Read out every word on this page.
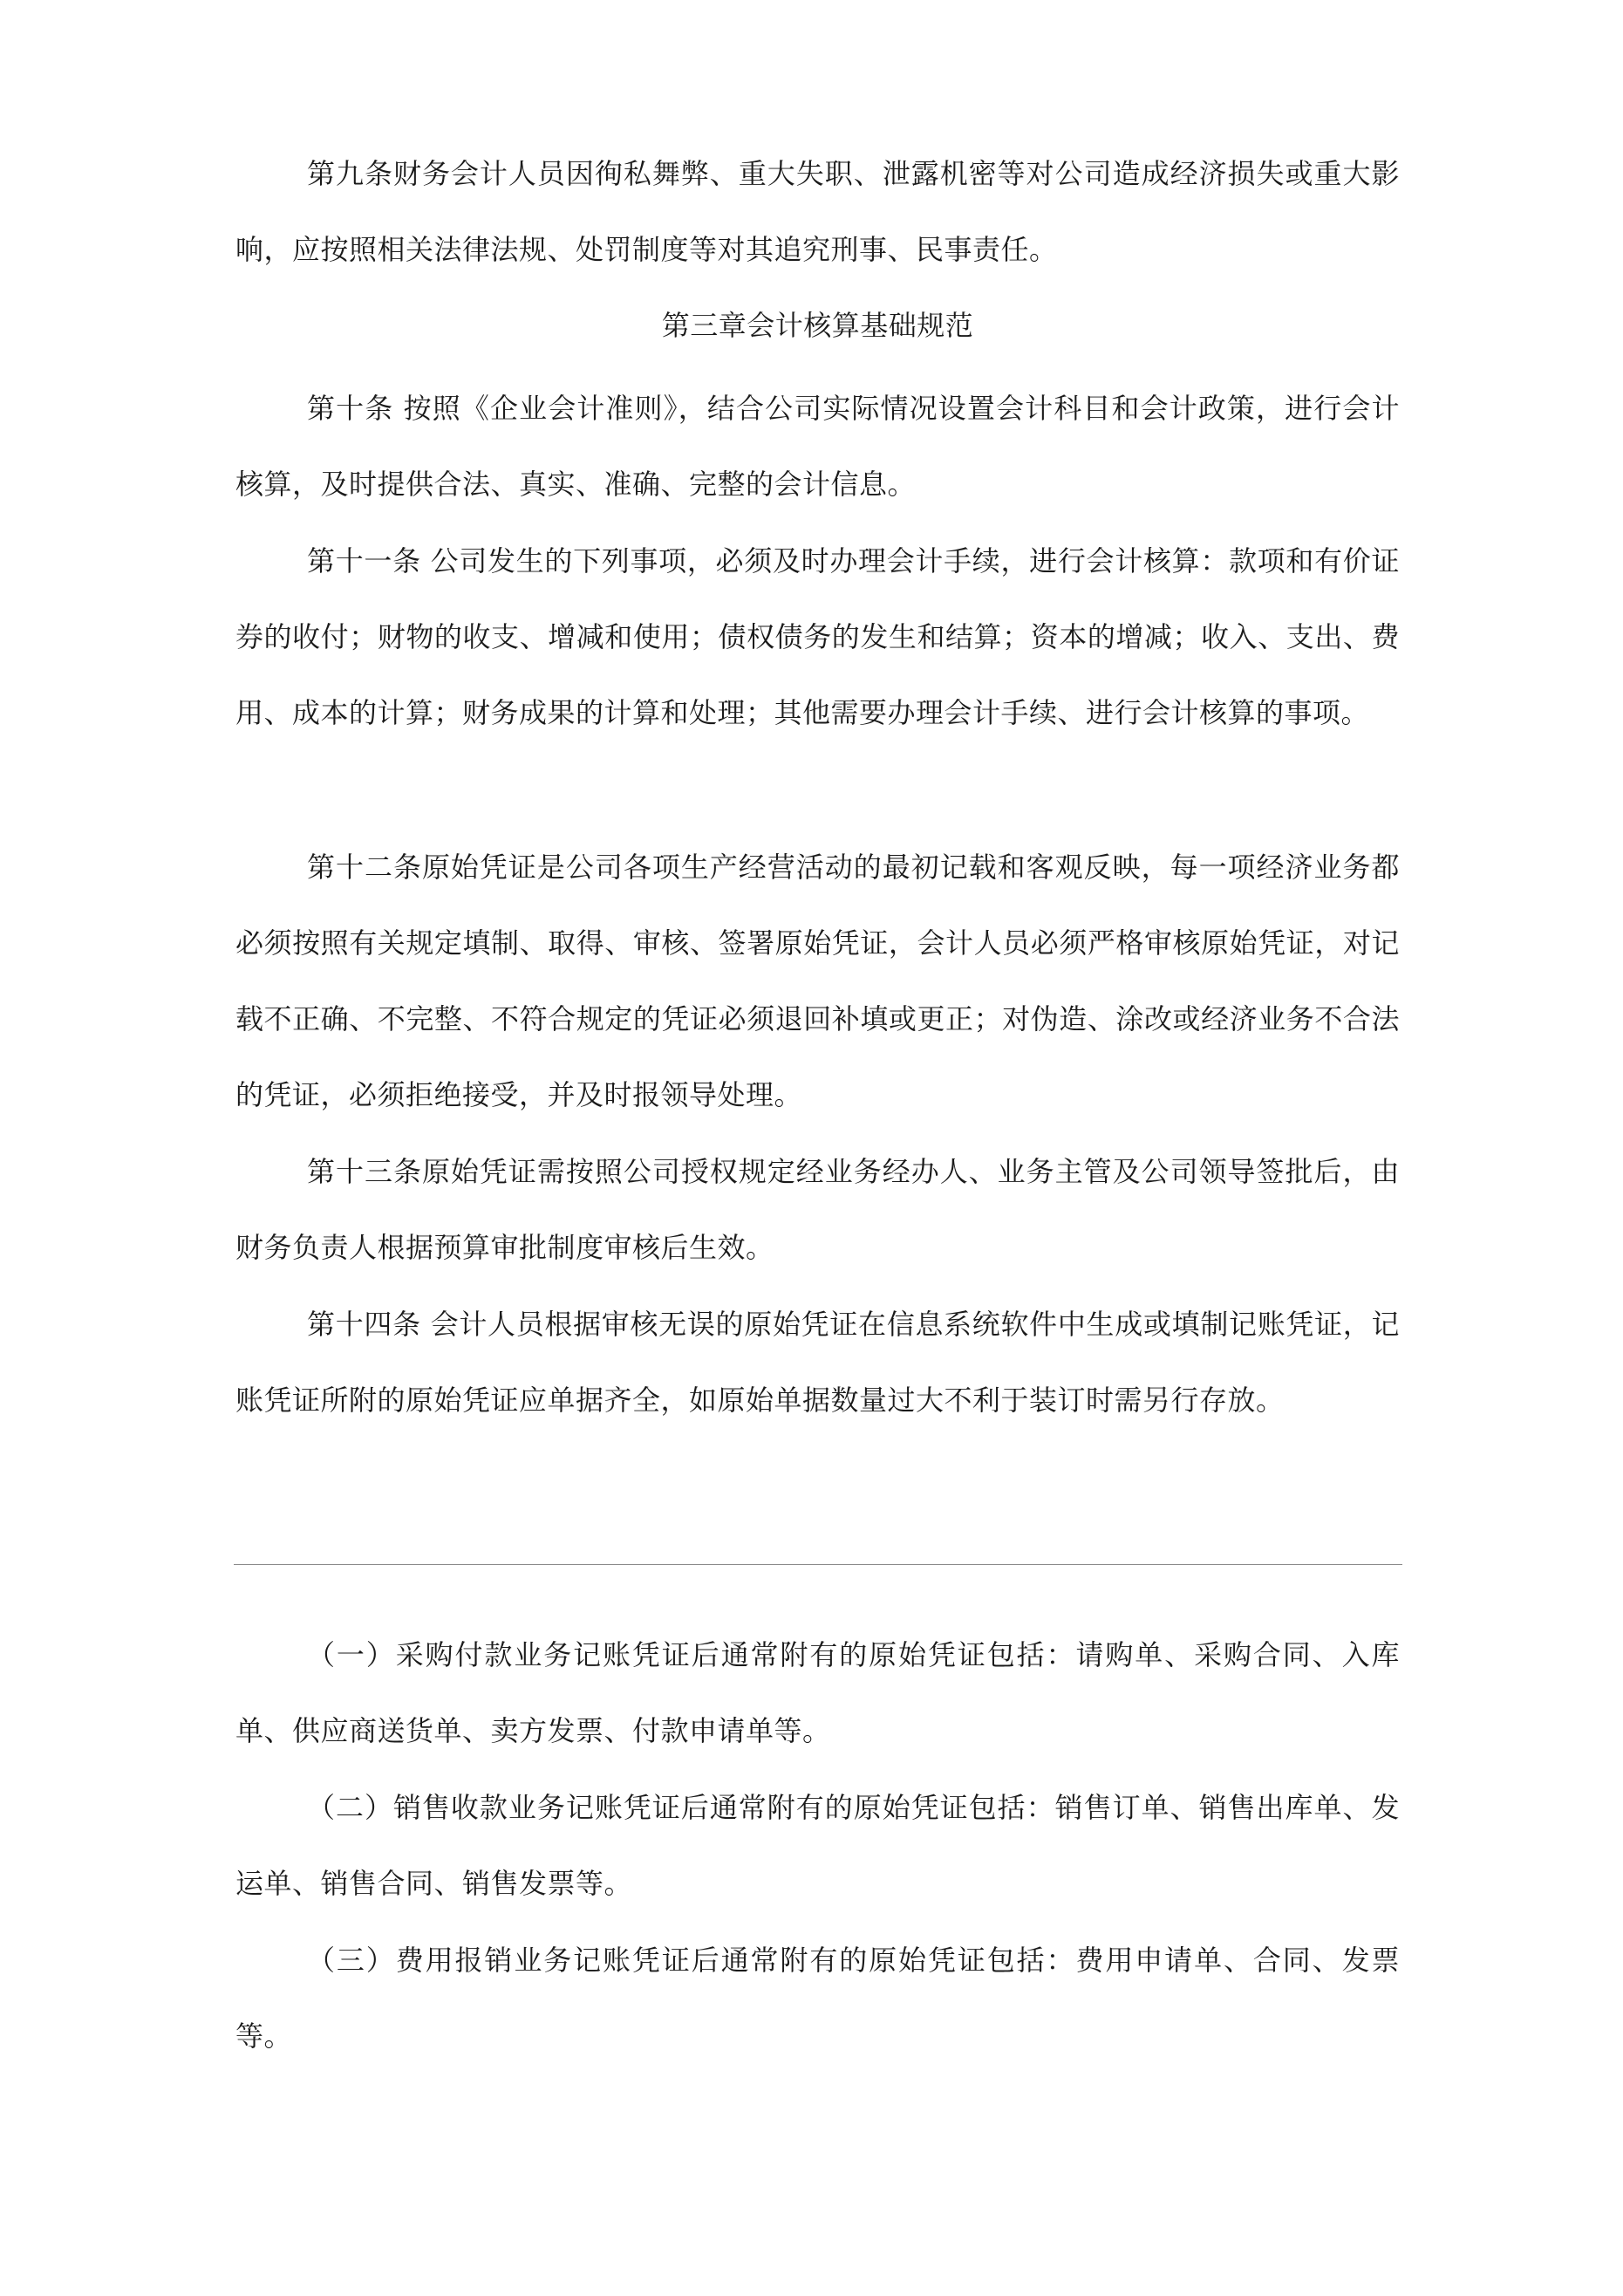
第九条财务会计人员因徇私舞弊、重大失职、泄露机密等对公司造成经济损失或重大影响，应按照相关法律法规、处罚制度等对其追究刑事、民事责任。

第三章会计核算基础规范

第十条 按照《企业会计准则》，结合公司实际情况设置会计科目和会计政策，进行会计核算，及时提供合法、真实、准确、完整的会计信息。

第十一条 公司发生的下列事项，必须及时办理会计手续，进行会计核算：款项和有价证券的收付；财物的收支、增减和使用；债权债务的发生和结算；资本的增减；收入、支出、费用、成本的计算；财务成果的计算和处理；其他需要办理会计手续、进行会计核算的事项。

第十二条原始凭证是公司各项生产经营活动的最初记载和客观反映，每一项经济业务都必须按照有关规定填制、取得、审核、签署原始凭证，会计人员必须严格审核原始凭证，对记载不正确、不完整、不符合规定的凭证必须退回补填或更正；对伪造、涂改或经济业务不合法的凭证，必须拒绝接受，并及时报领导处理。

第十三条原始凭证需按照公司授权规定经业务经办人、业务主管及公司领导签批后，由财务负责人根据预算审批制度审核后生效。

第十四条 会计人员根据审核无误的原始凭证在信息系统软件中生成或填制记账凭证，记账凭证所附的原始凭证应单据齐全，如原始单据数量过大不利于装订时需另行存放。

（一）采购付款业务记账凭证后通常附有的原始凭证包括：请购单、采购合同、入库单、供应商送货单、卖方发票、付款申请单等。

（二）销售收款业务记账凭证后通常附有的原始凭证包括：销售订单、销售出库单、发运单、销售合同、销售发票等。

（三）费用报销业务记账凭证后通常附有的原始凭证包括：费用申请单、合同、发票等。
